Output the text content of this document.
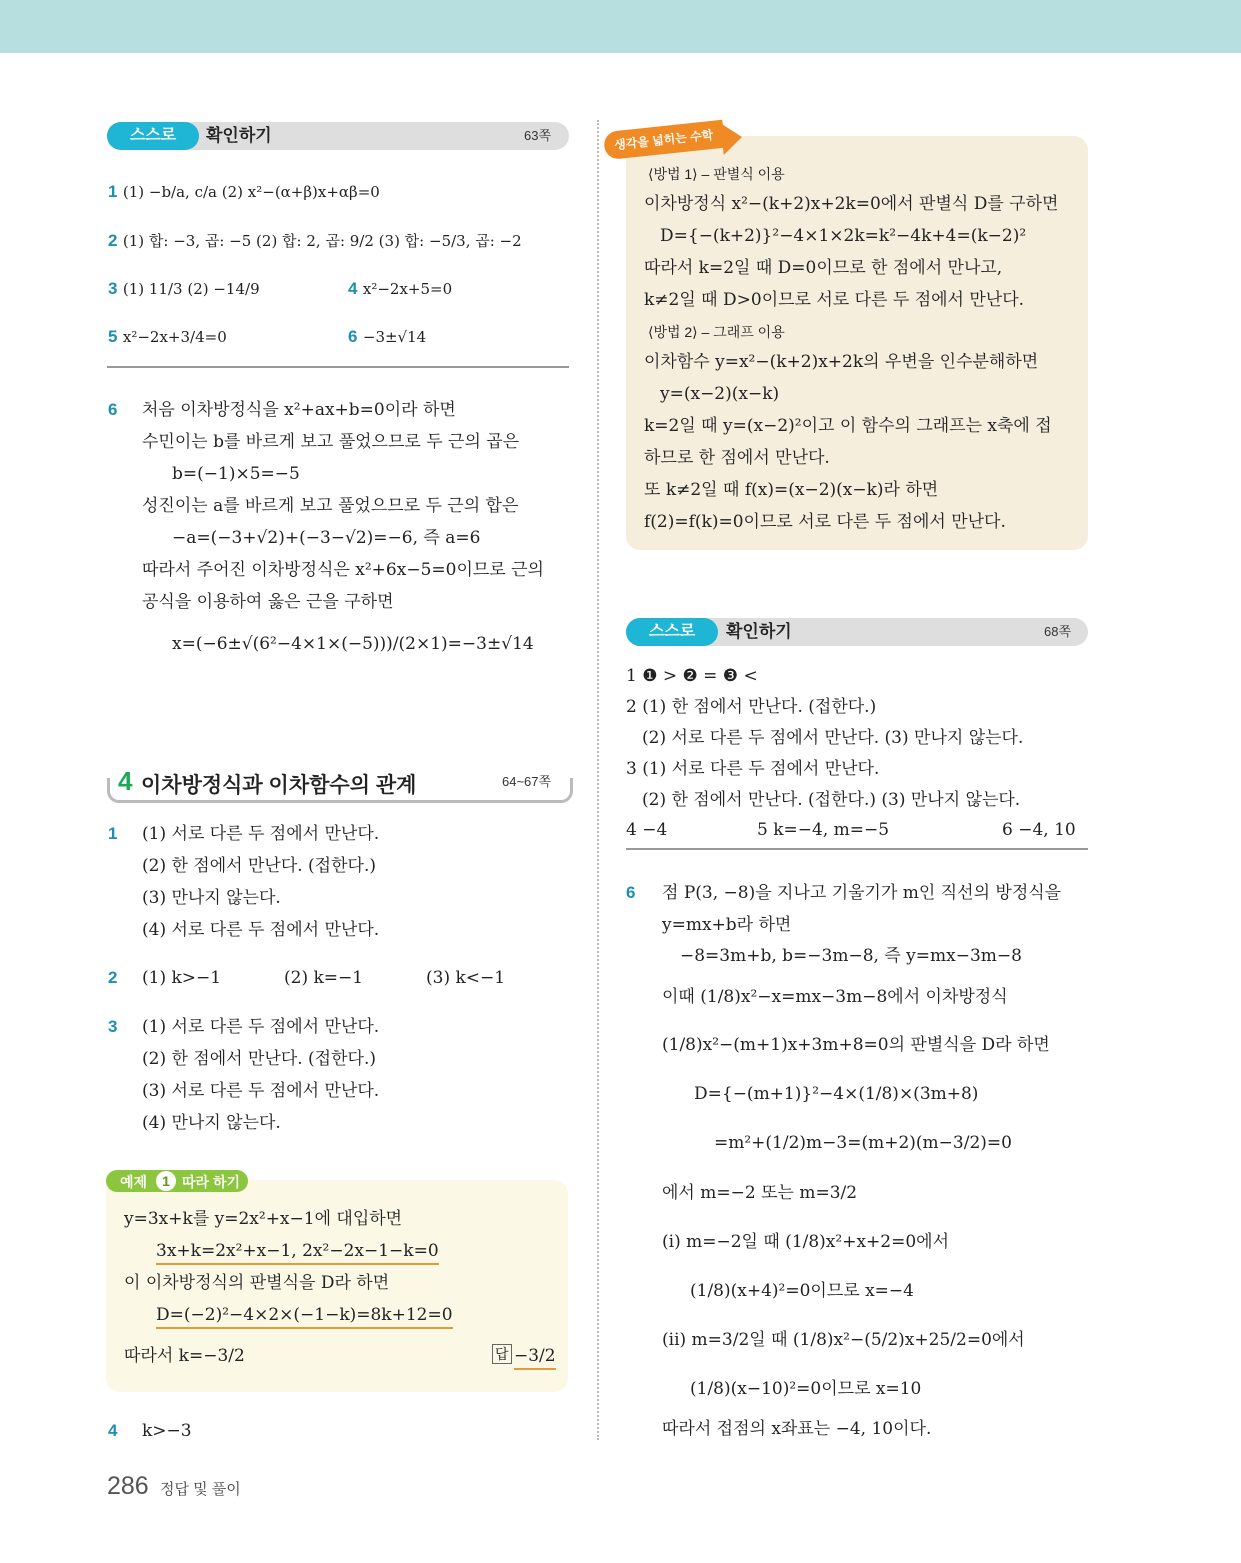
스스로	확인하기	63쪽
1 (1) −b/a, c/a (2) x²−(α+β)x+αβ=0
2 (1) 합: −3, 곱: −5 (2) 합: 2, 곱: 9/2 (3) 합: −5/3, 곱: −2
3 (1) 11/3 (2) −14/9	4 x²−2x+5=0
5 x²−2x+3/4=0	6 −3±√14
6 처음 이차방정식을 x²+ax+b=0이라 하면
수민이는 b를 바르게 보고 풀었으므로 두 근의 곱은
b=(−1)×5=−5
성진이는 a를 바르게 보고 풀었으므로 두 근의 합은
−a=(−3+√2)+(−3−√2)=−6, 즉 a=6
따라서 주어진 이차방정식은 x²+6x−5=0이므로 근의
공식을 이용하여 옳은 근을 구하면
x=(−6±√(6²−4×1×(−5)))/(2×1)=−3±√14
4 이차방정식과 이차함수의 관계	64~67쪽
1 (1) 서로 다른 두 점에서 만난다.
(2) 한 점에서 만난다. (접한다.)
(3) 만나지 않는다.
(4) 서로 다른 두 점에서 만난다.
2 (1) k>−1	(2) k=−1	(3) k<−1
3 (1) 서로 다른 두 점에서 만난다.
(2) 한 점에서 만난다. (접한다.)
(3) 서로 다른 두 점에서 만난다.
(4) 만나지 않는다.
예제	1 따라 하기
y=3x+k를 y=2x²+x−1에 대입하면
3x+k=2x²+x−1, 2x²−2x−1−k=0
이 이차방정식의 판별식을 D라 하면
D=(−2)²−4×2×(−1−k)=8k+12=0
따라서 k=−3/2	답 −3/2
4 k>−3
286 정답 및 풀이
생각을 넓히는 수학
⟨방법 1⟩ – 판별식 이용
이차방정식 x²−(k+2)x+2k=0에서 판별식 D를 구하면
D={−(k+2)}²−4×1×2k=k²−4k+4=(k−2)²
따라서 k=2일 때 D=0이므로 한 점에서 만나고,
k≠2일 때 D>0이므로 서로 다른 두 점에서 만난다.
⟨방법 2⟩ – 그래프 이용
이차함수 y=x²−(k+2)x+2k의 우변을 인수분해하면
y=(x−2)(x−k)
k=2일 때 y=(x−2)²이고 이 함수의 그래프는 x축에 접
하므로 한 점에서 만난다.
또 k≠2일 때 f(x)=(x−2)(x−k)라 하면
f(2)=f(k)=0이므로 서로 다른 두 점에서 만난다.
스스로	확인하기	68쪽
1 ❶ > ❷ = ❸ <
2 (1) 한 점에서 만난다. (접한다.)
(2) 서로 다른 두 점에서 만난다. (3) 만나지 않는다.
3 (1) 서로 다른 두 점에서 만난다.
(2) 한 점에서 만난다. (접한다.) (3) 만나지 않는다.
4 −4	5 k=−4, m=−5	6 −4, 10
6 점 P(3, −8)을 지나고 기울기가 m인 직선의 방정식을
y=mx+b라 하면
−8=3m+b, b=−3m−8, 즉 y=mx−3m−8
이때 (1/8)x²−x=mx−3m−8에서 이차방정식
(1/8)x²−(m+1)x+3m+8=0의 판별식을 D라 하면
D={−(m+1)}²−4×(1/8)×(3m+8)
=m²+(1/2)m−3=(m+2)(m−3/2)=0
에서 m=−2 또는 m=3/2
(i) m=−2일 때 (1/8)x²+x+2=0에서
(1/8)(x+4)²=0이므로 x=−4
(ii) m=3/2일 때 (1/8)x²−(5/2)x+25/2=0에서
(1/8)(x−10)²=0이므로 x=10
따라서 접점의 x좌표는 −4, 10이다.
